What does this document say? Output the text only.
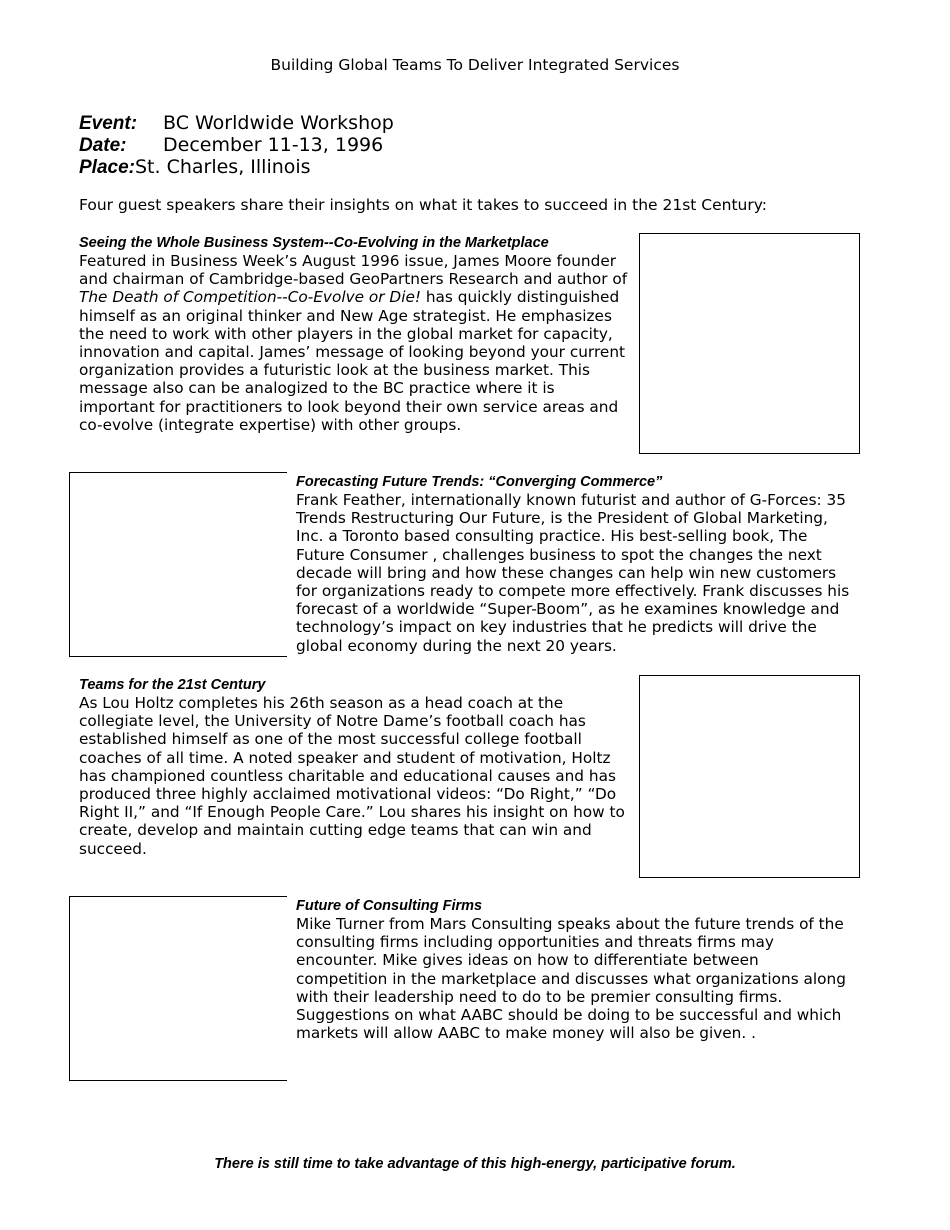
Building Global Teams To Deliver Integrated Services
Event: BC Worldwide Workshop
Date: December 11-13, 1996
Place:St. Charles, Illinois
Four guest speakers share their insights on what it takes to succeed in the 21st Century:
Seeing the Whole Business System--Co-Evolving in the Marketplace
Featured in Business Week’s August 1996 issue, James Moore founder and chairman of Cambridge-based GeoPartners Research and author of The Death of Competition--Co-Evolve or Die! has quickly distinguished himself as an original thinker and New Age strategist. He emphasizes the need to work with other players in the global market for capacity, innovation and capital. James’ message of looking beyond your current organization provides a futuristic look at the business market. This message also can be analogized to the BC practice where it is important for practitioners to look beyond their own service areas and co-evolve (integrate expertise) with other groups.
Forecasting Future Trends: “Converging Commerce”
Frank Feather, internationally known futurist and author of G-Forces: 35 Trends Restructuring Our Future, is the President of Global Marketing, Inc. a Toronto based consulting practice. His best-selling book, The Future Consumer , challenges business to spot the changes the next decade will bring and how these changes can help win new customers for organizations ready to compete more effectively. Frank discusses his forecast of a worldwide “Super-Boom”, as he examines knowledge and technology’s impact on key industries that he predicts will drive the global economy during the next 20 years.
Teams for the 21st Century
As Lou Holtz completes his 26th season as a head coach at the collegiate level, the University of Notre Dame’s football coach has established himself as one of the most successful college football coaches of all time. A noted speaker and student of motivation, Holtz has championed countless charitable and educational causes and has produced three highly acclaimed motivational videos: “Do Right,” “Do Right II,” and “If Enough People Care.” Lou shares his insight on how to create, develop and maintain cutting edge teams that can win and succeed.
Future of Consulting Firms
Mike Turner from Mars Consulting speaks about the future trends of the consulting firms including opportunities and threats firms may encounter. Mike gives ideas on how to differentiate between competition in the marketplace and discusses what organizations along with their leadership need to do to be premier consulting firms. Suggestions on what AABC should be doing to be successful and which markets will allow AABC to make money will also be given. .
There is still time to take advantage of this high-energy, participative forum.
